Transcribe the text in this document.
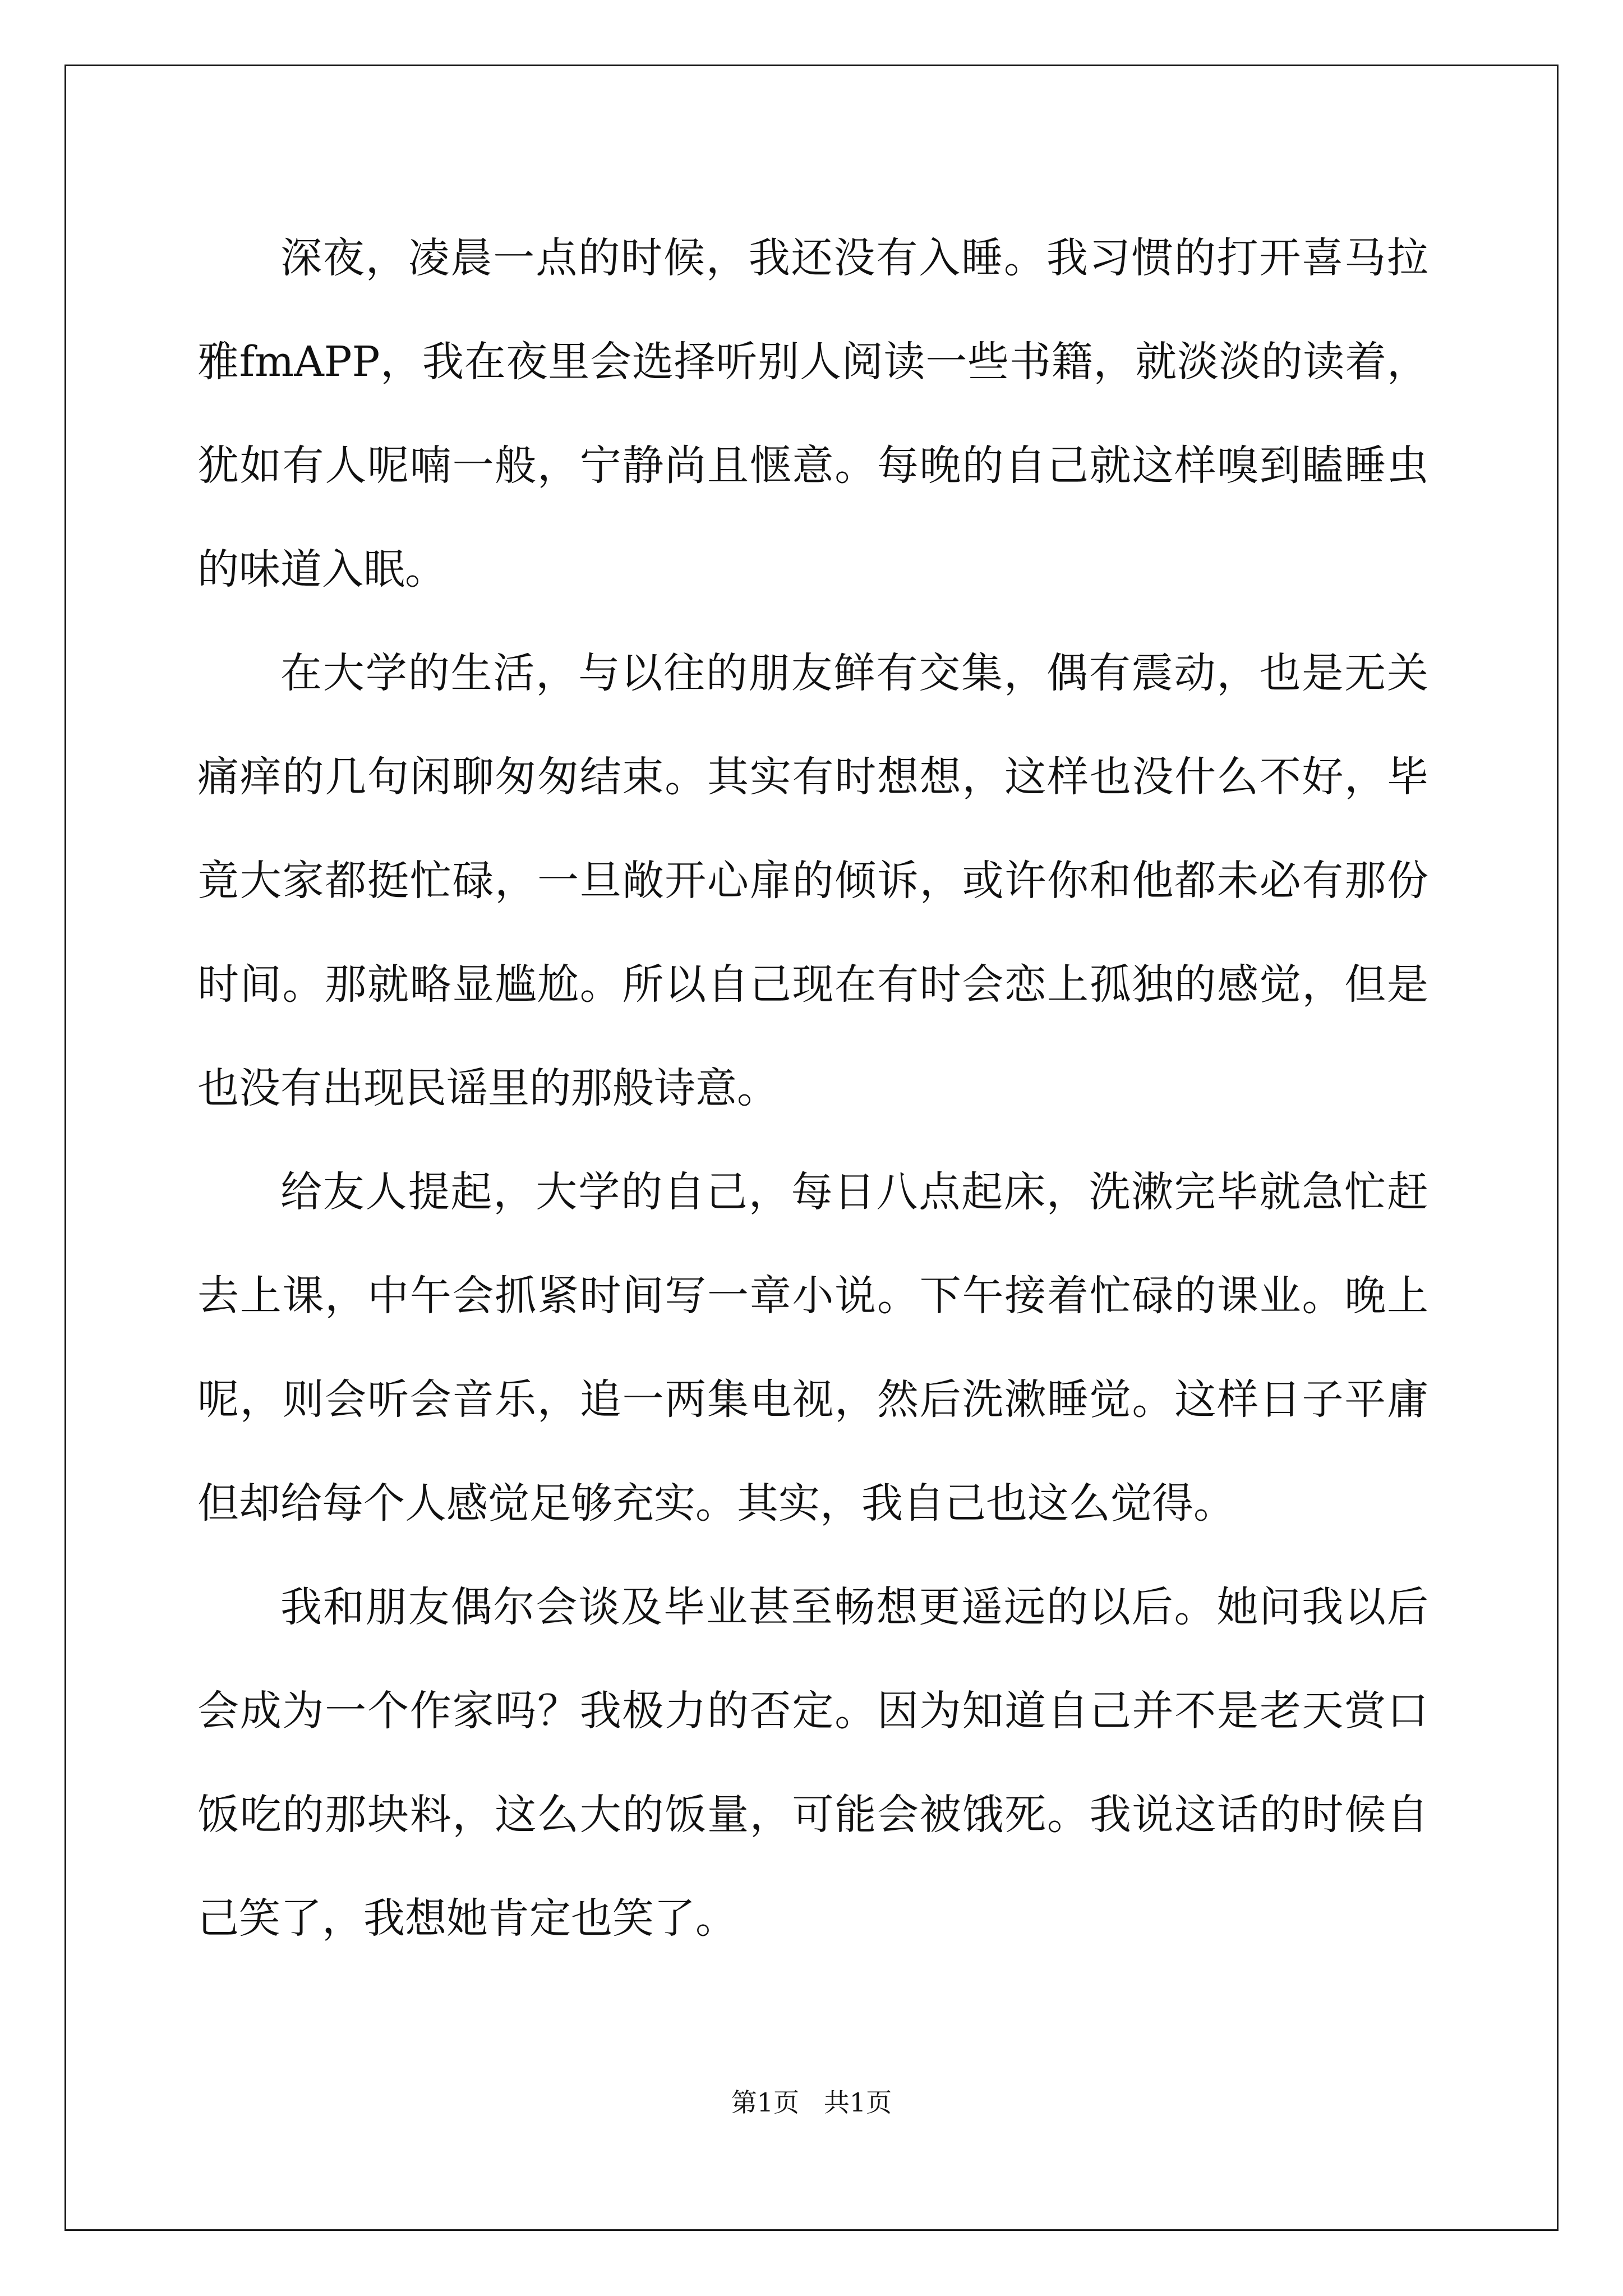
深夜，凌晨一点的时候，我还没有入睡。我习惯的打开喜马拉雅fmAPP，我在夜里会选择听别人阅读一些书籍，就淡淡的读着，犹如有人呢喃一般，宁静尚且惬意。每晚的自己就这样嗅到瞌睡虫的味道入眠。

在大学的生活，与以往的朋友鲜有交集，偶有震动，也是无关痛痒的几句闲聊匆匆结束。其实有时想想，这样也没什么不好，毕竟大家都挺忙碌，一旦敞开心扉的倾诉，或许你和他都未必有那份时间。那就略显尴尬。所以自己现在有时会恋上孤独的感觉，但是也没有出现民谣里的那般诗意。

给友人提起，大学的自己，每日八点起床，洗漱完毕就急忙赶去上课，中午会抓紧时间写一章小说。下午接着忙碌的课业。晚上呢，则会听会音乐，追一两集电视，然后洗漱睡觉。这样日子平庸但却给每个人感觉足够充实。其实，我自己也这么觉得。

我和朋友偶尔会谈及毕业甚至畅想更遥远的以后。她问我以后会成为一个作家吗？我极力的否定。因为知道自己并不是老天赏口饭吃的那块料，这么大的饭量，可能会被饿死。我说这话的时候自己笑了，我想她肯定也笑了。

第1页   共1页
